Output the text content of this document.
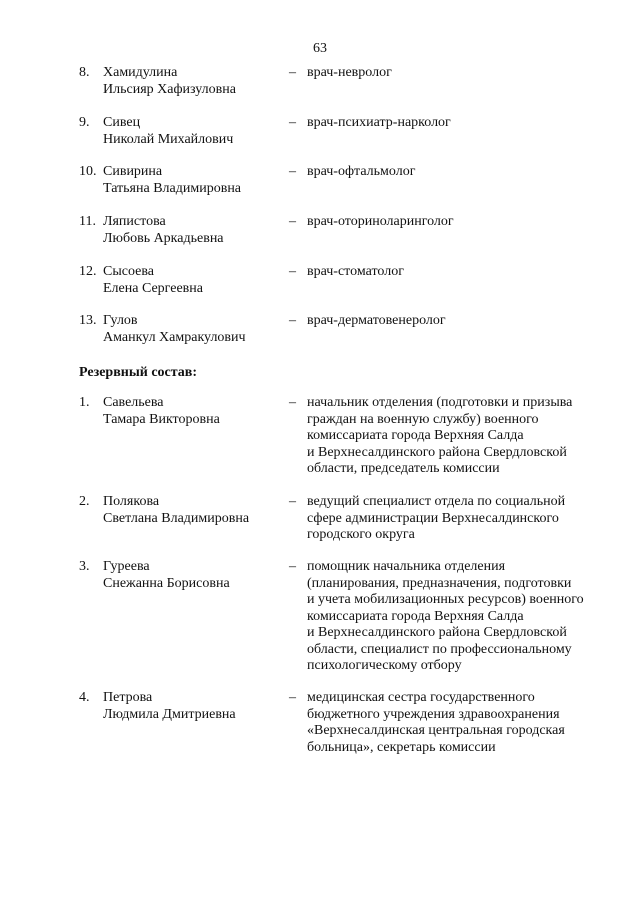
63
8. Хамидулина
Ильсияр Хафизуловна
– врач-невролог
9. Сивец
Николай Михайлович
– врач-психиатр-нарколог
10. Сивирина
Татьяна Владимировна
– врач-офтальмолог
11. Ляпистова
Любовь Аркадьевна
– врач-оториноларинголог
12. Сысоева
Елена Сергеевна
– врач-стоматолог
13. Гулов
Аманкул Хамракулович
– врач-дерматовенеролог
Резервный состав:
1. Савельева
Тамара Викторовна
– начальник отделения (подготовки и призыва
граждан на военную службу) военного
комиссариата города Верхняя Салда
и Верхнесалдинского района Свердловской
области, председатель комиссии
2. Полякова
Светлана Владимировна
– ведущий специалист отдела по социальной
сфере администрации Верхнесалдинского
городского округа
3. Гуреева
Снежанна Борисовна
– помощник начальника отделения
(планирования, предназначения, подготовки
и учета мобилизационных ресурсов) военного
комиссариата города Верхняя Салда
и Верхнесалдинского района Свердловской
области, специалист по профессиональному
психологическому отбору
4. Петрова
Людмила Дмитриевна
– медицинская сестра государственного
бюджетного учреждения здравоохранения
«Верхнесалдинская центральная городская
больница», секретарь комиссии
